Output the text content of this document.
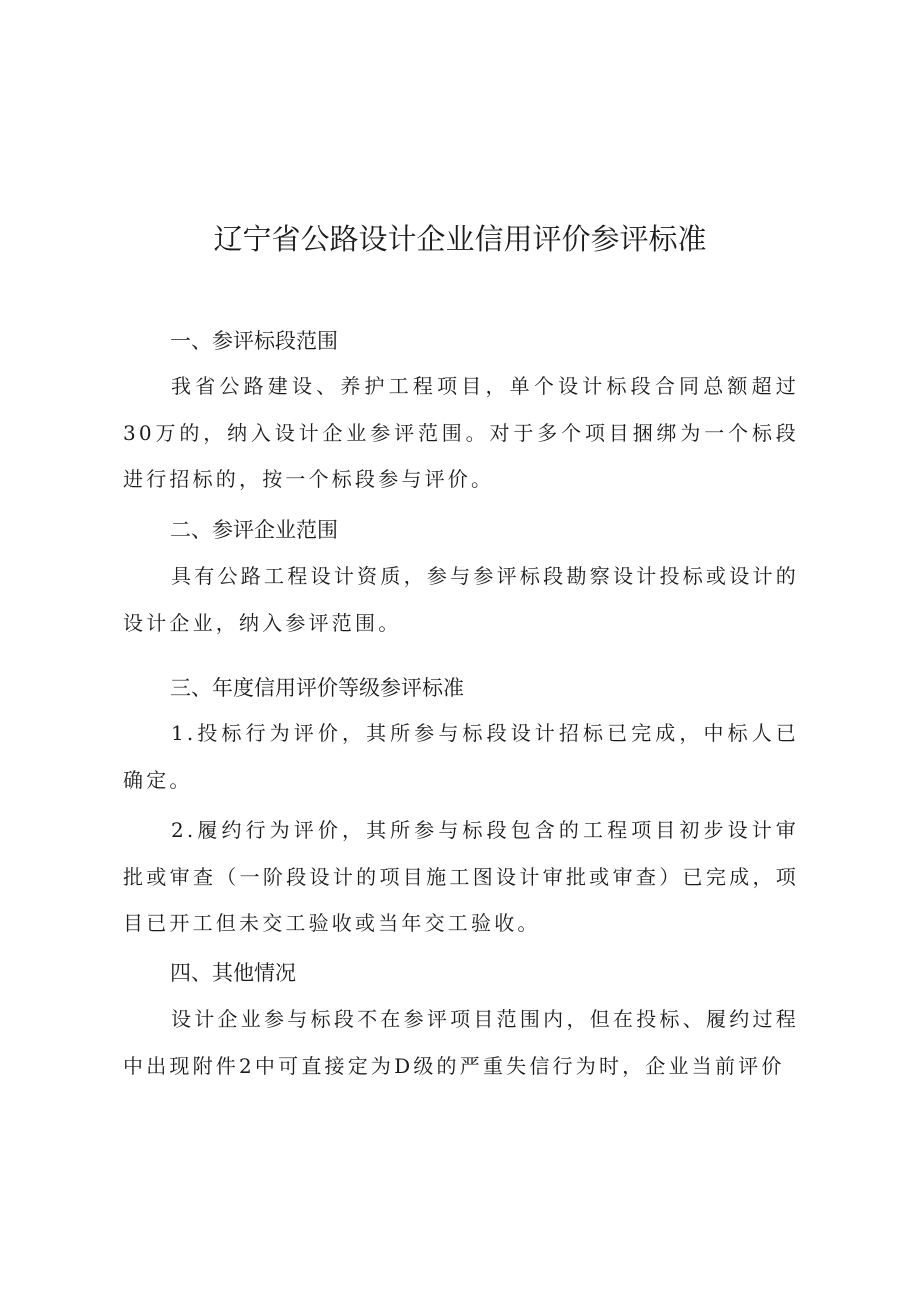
辽宁省公路设计企业信用评价参评标准
一、参评标段范围

我省公路建设、养护工程项目，单个设计标段合同总额超过30万的，纳入设计企业参评范围。对于多个项目捆绑为一个标段进行招标的，按一个标段参与评价。

二、参评企业范围

具有公路工程设计资质，参与参评标段勘察设计投标或设计的设计企业，纳入参评范围。

三、年度信用评价等级参评标准

1.投标行为评价，其所参与标段设计招标已完成，中标人已确定。

2.履约行为评价，其所参与标段包含的工程项目初步设计审批或审查（一阶段设计的项目施工图设计审批或审查）已完成，项目已开工但未交工验收或当年交工验收。

四、其他情况

设计企业参与标段不在参评项目范围内，但在投标、履约过程中出现附件2中可直接定为D级的严重失信行为时，企业当前评价
